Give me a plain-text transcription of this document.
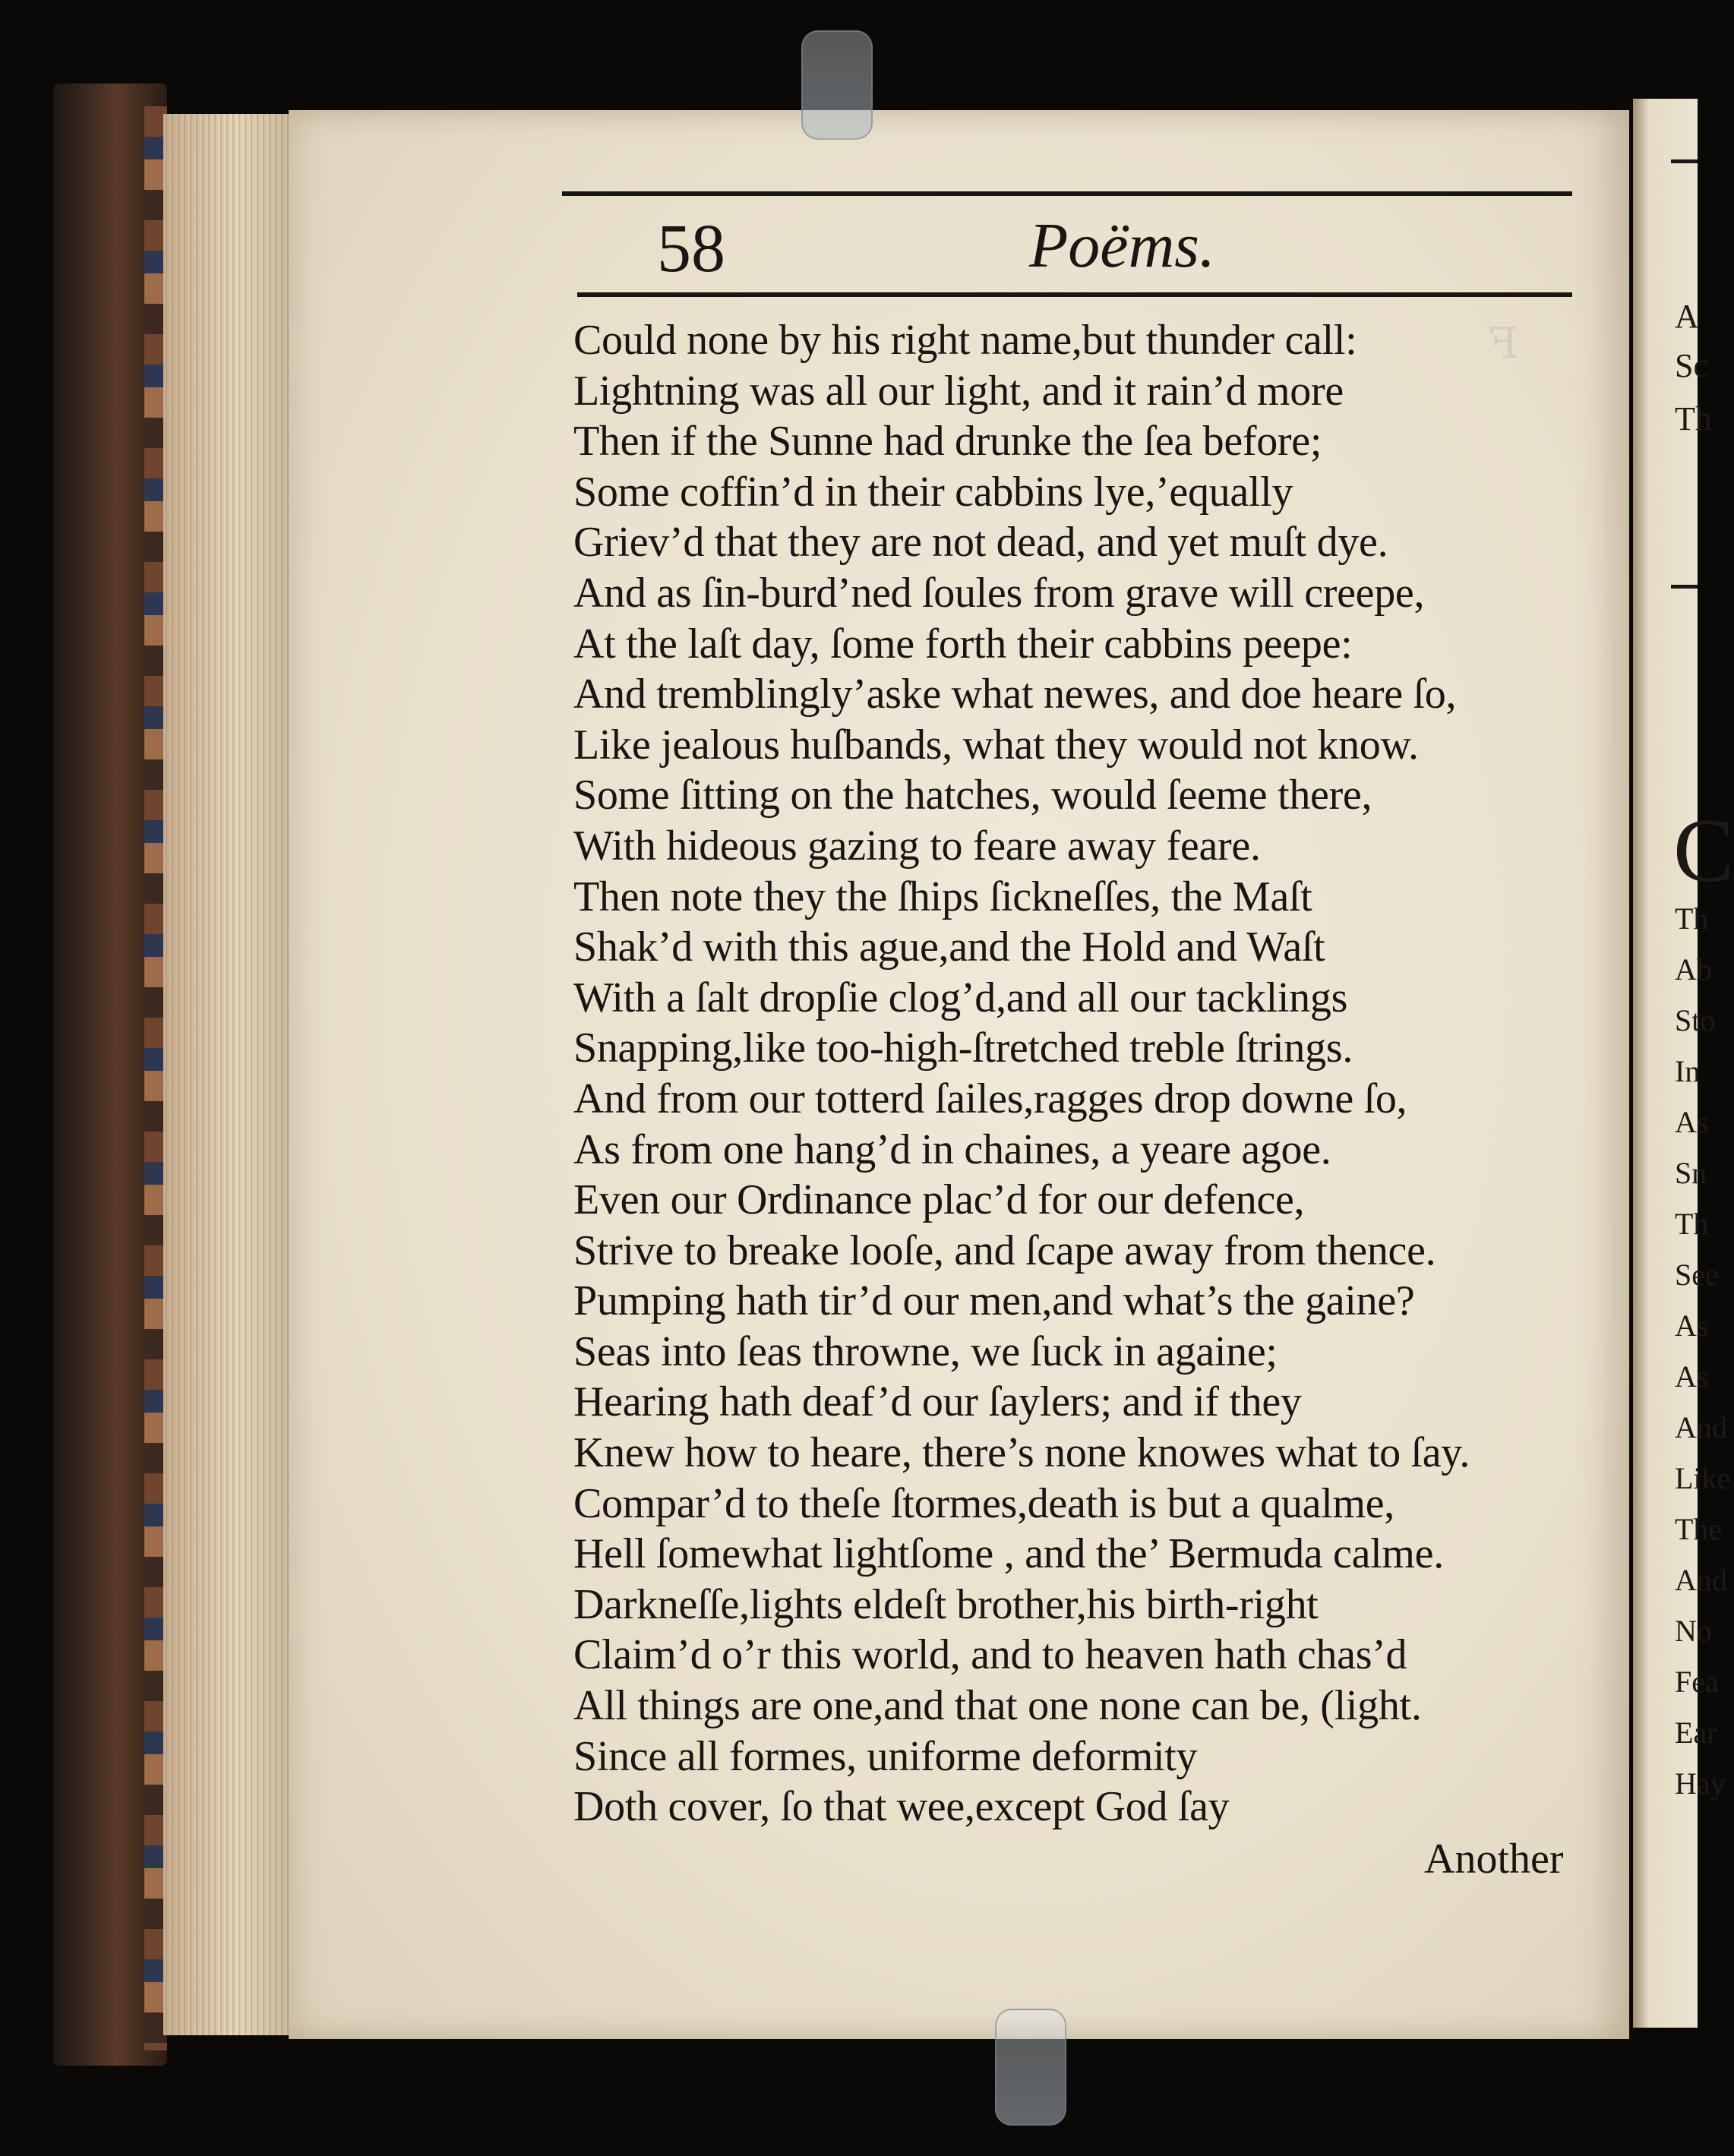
A
Sc
Th
C
Th
Ab
Sto
In
As
Sn
Th
See
As
As
And
Like
The
And
No
Fea
Ear
Hay
58	Poëms.
ꟻ
Could none by his right name,but thunder call:
Lightning was all our light, and it rain’d more
Then if the Sunne had drunke the ſea before;
Some coffin’d in their cabbins lye,’equally
Griev’d that they are not dead, and yet muſt dye.
And as ſin-burd’ned ſoules from grave will creepe,
At the laſt day, ſome forth their cabbins peepe:
And tremblingly’aske what newes, and doe heare ſo,
Like jealous huſbands, what they would not know.
Some ſitting on the hatches, would ſeeme there,
With hideous gazing to feare away feare.
Then note they the ſhips ſickneſſes, the Maſt
Shak’d with this ague,and the Hold and Waſt
With a ſalt dropſie clog’d,and all our tacklings
Snapping,like too-high-ſtretched treble ſtrings.
And from our totterd ſailes,ragges drop downe ſo,
As from one hang’d in chaines, a yeare agoe.
Even our Ordinance plac’d for our defence,
Strive to breake looſe, and ſcape away from thence.
Pumping hath tir’d our men,and what’s the gaine?
Seas into ſeas throwne, we ſuck in againe;
Hearing hath deaf’d our ſaylers; and if they
Knew how to heare, there’s none knowes what to ſay.
Compar’d to theſe ſtormes,death is but a qualme,
Hell ſomewhat lightſome , and the’ Bermuda calme.
Darkneſſe,lights eldeſt brother,his birth-right
Claim’d o’r this world, and to heaven hath chas’d
All things are one,and that one none can be, (light.
Since all formes, uniforme deformity
Doth cover, ſo that wee,except God ſay
Another
